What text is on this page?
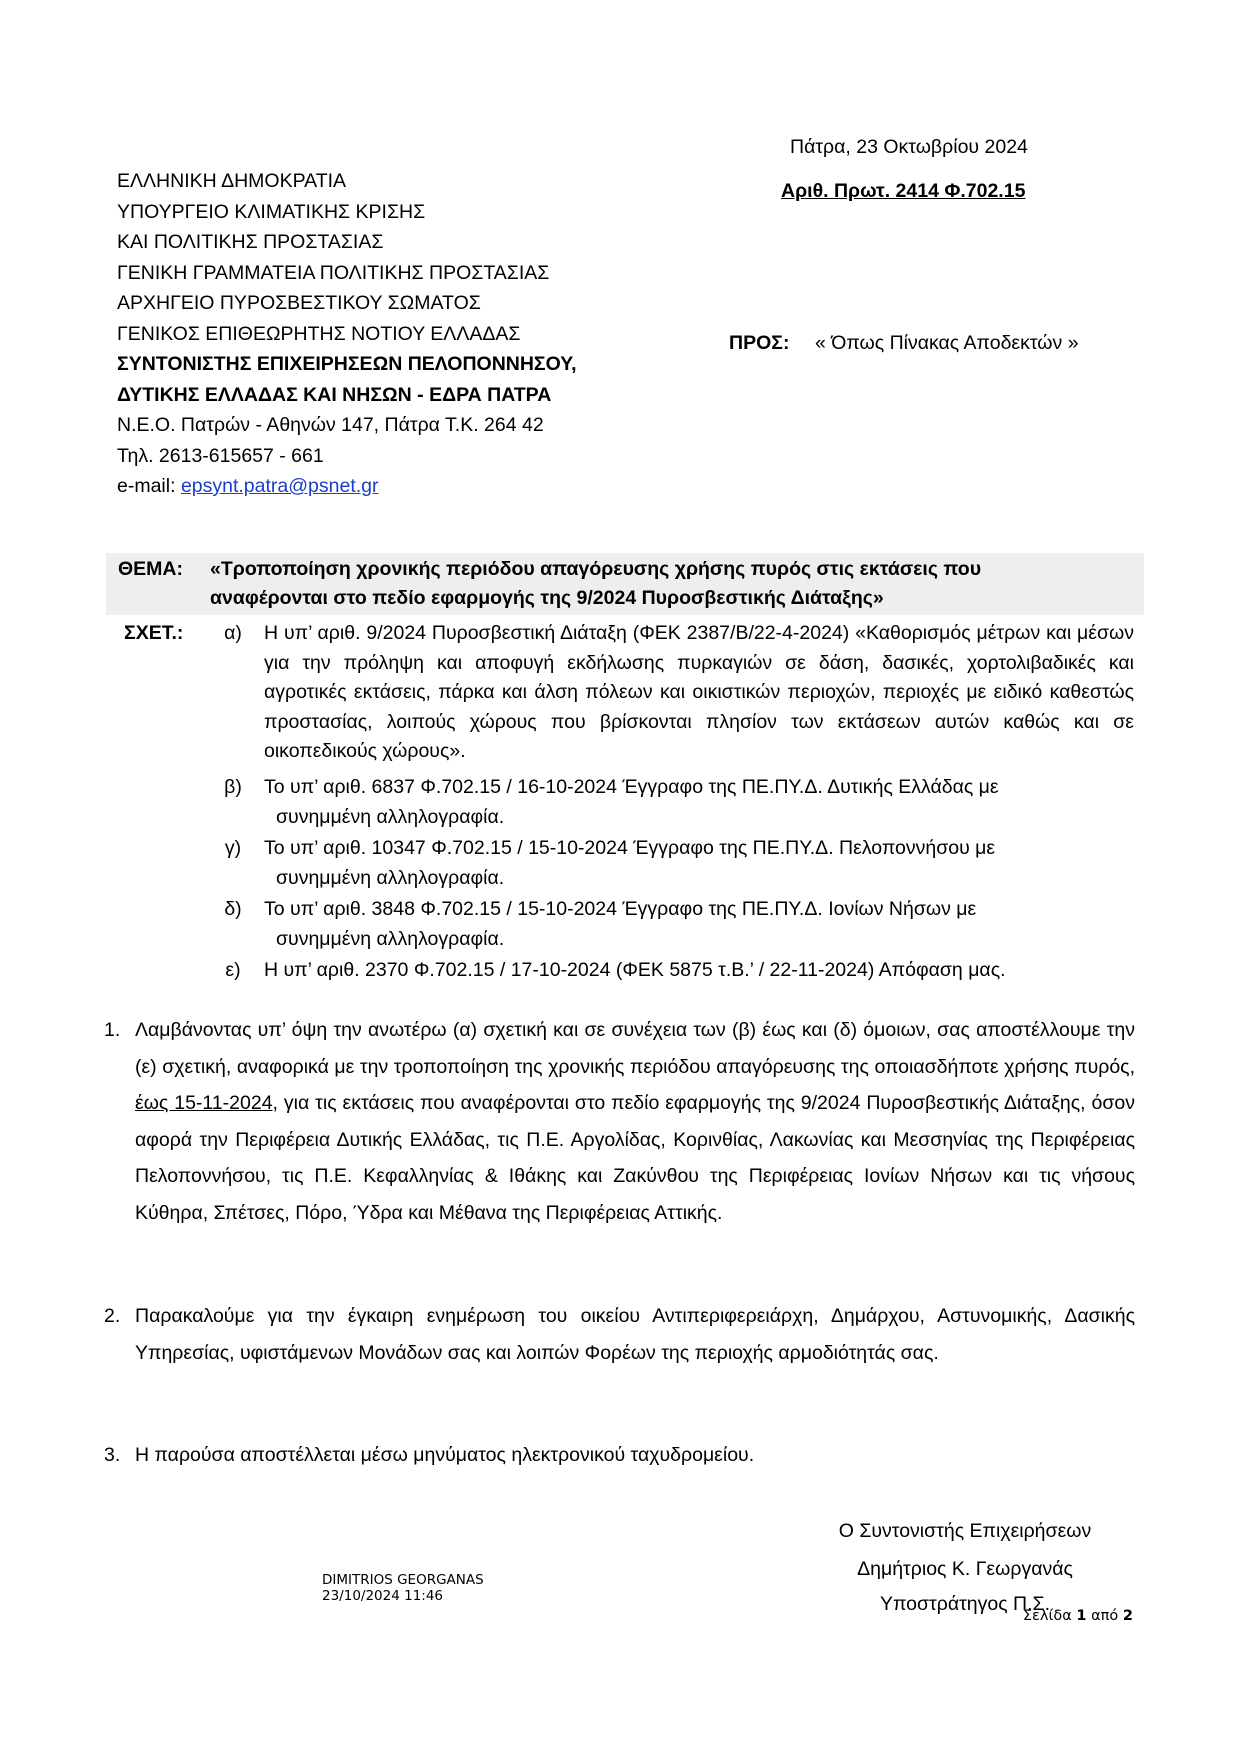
Πάτρα, 23 Οκτωβρίου 2024
Αριθ. Πρωτ. 2414 Φ.702.15
ΕΛΛΗΝΙΚΗ ΔΗΜΟΚΡΑΤΙΑ
ΥΠΟΥΡΓΕΙΟ ΚΛΙΜΑΤΙΚΗΣ ΚΡΙΣΗΣ
ΚΑΙ ΠΟΛΙΤΙΚΗΣ ΠΡΟΣΤΑΣΙΑΣ
ΓΕΝΙΚΗ ΓΡΑΜΜΑΤΕΙΑ ΠΟΛΙΤΙΚΗΣ ΠΡΟΣΤΑΣΙΑΣ
ΑΡΧΗΓΕΙΟ ΠΥΡΟΣΒΕΣΤΙΚΟΥ ΣΩΜΑΤΟΣ
ΓΕΝΙΚΟΣ ΕΠΙΘΕΩΡΗΤΗΣ ΝΟΤΙΟΥ ΕΛΛΑΔΑΣ
ΣΥΝΤΟΝΙΣΤΗΣ ΕΠΙΧΕΙΡΗΣΕΩΝ ΠΕΛΟΠΟΝΝΗΣΟΥ,
ΔΥΤΙΚΗΣ ΕΛΛΑΔΑΣ ΚΑΙ ΝΗΣΩΝ - ΕΔΡΑ ΠΑΤΡΑ
Ν.Ε.Ο. Πατρών - Αθηνών 147, Πάτρα Τ.Κ. 264 42
Τηλ. 2613-615657 - 661
e-mail: epsynt.patra@psnet.gr
ΠΡΟΣ: « Όπως Πίνακας Αποδεκτών »
ΘΕΜΑ: «Τροποποίηση χρονικής περιόδου απαγόρευσης χρήσης πυρός στις εκτάσεις που αναφέρονται στο πεδίο εφαρμογής της 9/2024 Πυροσβεστικής Διάταξης»
ΣΧΕΤ.:	α)	Η υπ’ αριθ. 9/2024 Πυροσβεστική Διάταξη (ΦΕΚ 2387/Β/22-4-2024) «Καθορισμός μέτρων και μέσων για την πρόληψη και αποφυγή εκδήλωσης πυρκαγιών σε δάση, δασικές, χορτολιβαδικές και αγροτικές εκτάσεις, πάρκα και άλση πόλεων και οικιστικών περιοχών, περιοχές με ειδικό καθεστώς προστασίας, λοιπούς χώρους που βρίσκονται πλησίον των εκτάσεων αυτών καθώς και σε οικοπεδικούς χώρους».
β)	Το υπ’ αριθ. 6837 Φ.702.15 / 16-10-2024 Έγγραφο της ΠΕ.ΠΥ.Δ. Δυτικής Ελλάδας με
συνημμένη αλληλογραφία.
γ)	Το υπ’ αριθ. 10347 Φ.702.15 / 15-10-2024 Έγγραφο της ΠΕ.ΠΥ.Δ. Πελοποννήσου με
συνημμένη αλληλογραφία.
δ)	Το υπ’ αριθ. 3848 Φ.702.15 / 15-10-2024 Έγγραφο της ΠΕ.ΠΥ.Δ. Ιονίων Νήσων με
συνημμένη αλληλογραφία.
ε)	Η υπ’ αριθ. 2370 Φ.702.15 / 17-10-2024 (ΦΕΚ 5875 τ.Β.’ / 22-11-2024) Απόφαση μας.
1. Λαμβάνοντας υπ’ όψη την ανωτέρω (α) σχετική και σε συνέχεια των (β) έως και (δ) όμοιων, σας αποστέλλουμε την (ε) σχετική, αναφορικά με την τροποποίηση της χρονικής περιόδου απαγόρευσης της οποιασδήποτε χρήσης πυρός, έως 15-11-2024, για τις εκτάσεις που αναφέρονται στο πεδίο εφαρμογής της 9/2024 Πυροσβεστικής Διάταξης, όσον αφορά την Περιφέρεια Δυτικής Ελλάδας, τις Π.Ε. Αργολίδας, Κορινθίας, Λακωνίας και Μεσσηνίας της Περιφέρειας Πελοποννήσου, τις Π.Ε. Κεφαλληνίας & Ιθάκης και Ζακύνθου της Περιφέρειας Ιονίων Νήσων και τις νήσους Κύθηρα, Σπέτσες, Πόρο, Ύδρα και Μέθανα της Περιφέρειας Αττικής.
2. Παρακαλούμε για την έγκαιρη ενημέρωση του οικείου Αντιπεριφερειάρχη, Δημάρχου, Αστυνομικής, Δασικής Υπηρεσίας, υφιστάμενων Μονάδων σας και λοιπών Φορέων της περιοχής αρμοδιότητάς σας.
3. Η παρούσα αποστέλλεται μέσω μηνύματος ηλεκτρονικού ταχυδρομείου.
Ο Συντονιστής Επιχειρήσεων
Δημήτριος Κ. Γεωργανάς
Υποστράτηγος Π.Σ.
DIMITRIOS GEORGANAS
23/10/2024 11:46
Σελίδα 1 από 2
